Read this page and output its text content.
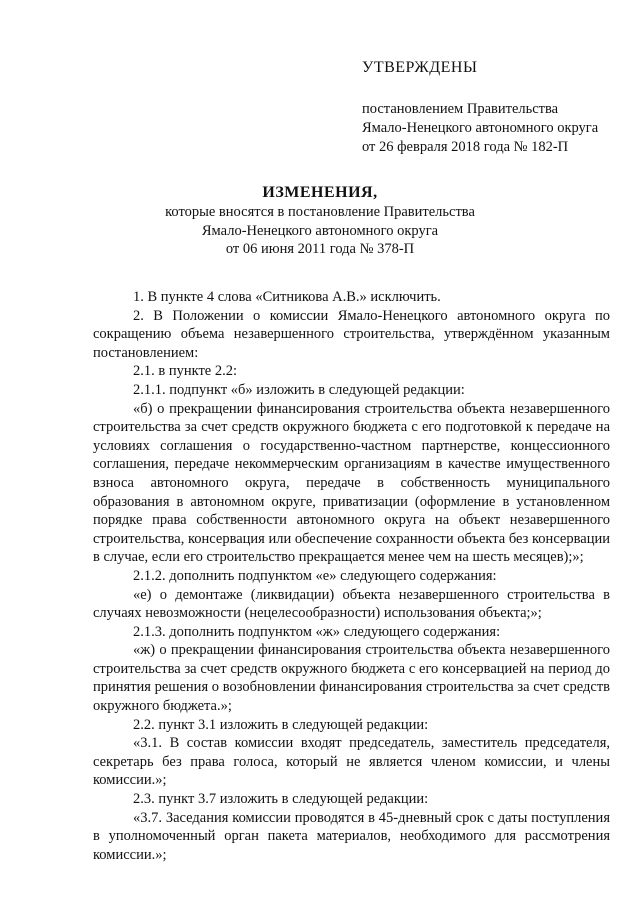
УТВЕРЖДЕНЫ
постановлением Правительства
Ямало-Ненецкого автономного округа
от 26 февраля 2018 года № 182-П
ИЗМЕНЕНИЯ,
которые вносятся в постановление Правительства
Ямало-Ненецкого автономного округа
от 06 июня 2011 года № 378-П

1. В пункте 4 слова «Ситникова А.В.» исключить.

2. В Положении о комиссии Ямало-Ненецкого автономного округа по сокращению объема незавершенного строительства, утверждённом указанным постановлением:

2.1. в пункте 2.2:

2.1.1. подпункт «б» изложить в следующей редакции:

«б) о прекращении финансирования строительства объекта незавершенного строительства за счет средств окружного бюджета с его подготовкой к передаче на условиях соглашения о государственно-частном партнерстве, концессионного соглашения, передаче некоммерческим организациям в качестве имущественного взноса автономного округа, передаче в собственность муниципального образования в автономном округе, приватизации (оформление в установленном порядке права собственности автономного округа на объект незавершенного строительства, консервация или обеспечение сохранности объекта без консервации в случае, если его строительство прекращается менее чем на шесть месяцев);»;

2.1.2. дополнить подпунктом «е» следующего содержания:

«е) о демонтаже (ликвидации) объекта незавершенного строительства в случаях невозможности (нецелесообразности) использования объекта;»;

2.1.3. дополнить подпунктом «ж» следующего содержания:

«ж) о прекращении финансирования строительства объекта незавершенного строительства за счет средств окружного бюджета с его консервацией на период до принятия решения о возобновлении финансирования строительства за счет средств окружного бюджета.»;

2.2. пункт 3.1 изложить в следующей редакции:

«3.1. В состав комиссии входят председатель, заместитель председателя, секретарь без права голоса, который не является членом комиссии, и члены комиссии.»;

2.3. пункт 3.7 изложить в следующей редакции:

«3.7. Заседания комиссии проводятся в 45-дневный срок с даты поступления в уполномоченный орган пакета материалов, необходимого для рассмотрения комиссии.»;
